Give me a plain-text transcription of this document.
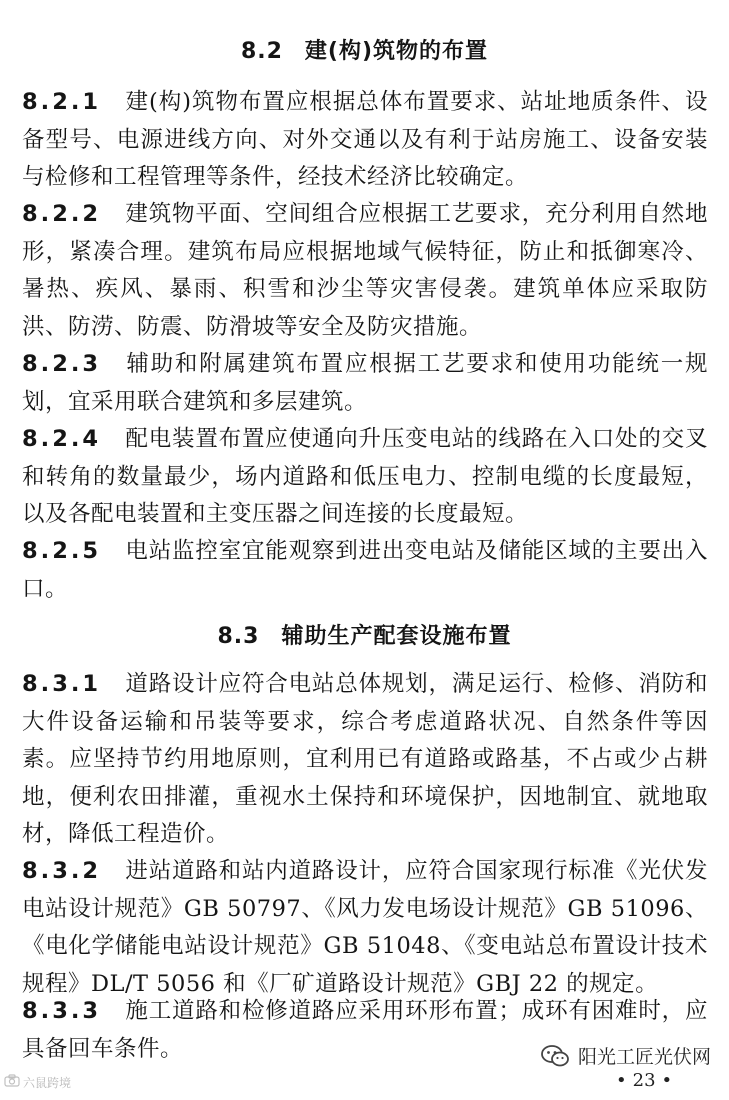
8.2 建(构)筑物的布置
8.2.1 建(构)筑物布置应根据总体布置要求、站址地质条件、设备型号、电源进线方向、对外交通以及有利于站房施工、设备安装与检修和工程管理等条件，经技术经济比较确定。
8.2.2 建筑物平面、空间组合应根据工艺要求，充分利用自然地形，紧凑合理。建筑布局应根据地域气候特征，防止和抵御寒冷、暑热、疾风、暴雨、积雪和沙尘等灾害侵袭。建筑单体应采取防洪、防涝、防震、防滑坡等安全及防灾措施。
8.2.3 辅助和附属建筑布置应根据工艺要求和使用功能统一规划，宜采用联合建筑和多层建筑。
8.2.4 配电装置布置应使通向升压变电站的线路在入口处的交叉和转角的数量最少，场内道路和低压电力、控制电缆的长度最短，以及各配电装置和主变压器之间连接的长度最短。
8.2.5 电站监控室宜能观察到进出变电站及储能区域的主要出入口。
8.3 辅助生产配套设施布置
8.3.1 道路设计应符合电站总体规划，满足运行、检修、消防和大件设备运输和吊装等要求，综合考虑道路状况、自然条件等因素。应坚持节约用地原则，宜利用已有道路或路基，不占或少占耕地，便利农田排灌，重视水土保持和环境保护，因地制宜、就地取材，降低工程造价。
8.3.2 进站道路和站内道路设计，应符合国家现行标准《光伏发电站设计规范》GB 50797、《风力发电场设计规范》GB 51096、《电化学储能电站设计规范》GB 51048、《变电站总布置设计技术规程》DL/T 5056 和《厂矿道路设计规范》GBJ 22 的规定。
8.3.3 施工道路和检修道路应采用环形布置；成环有困难时，应具备回车条件。
六鼠跨境
阳光工匠光伏网
• 23 •
